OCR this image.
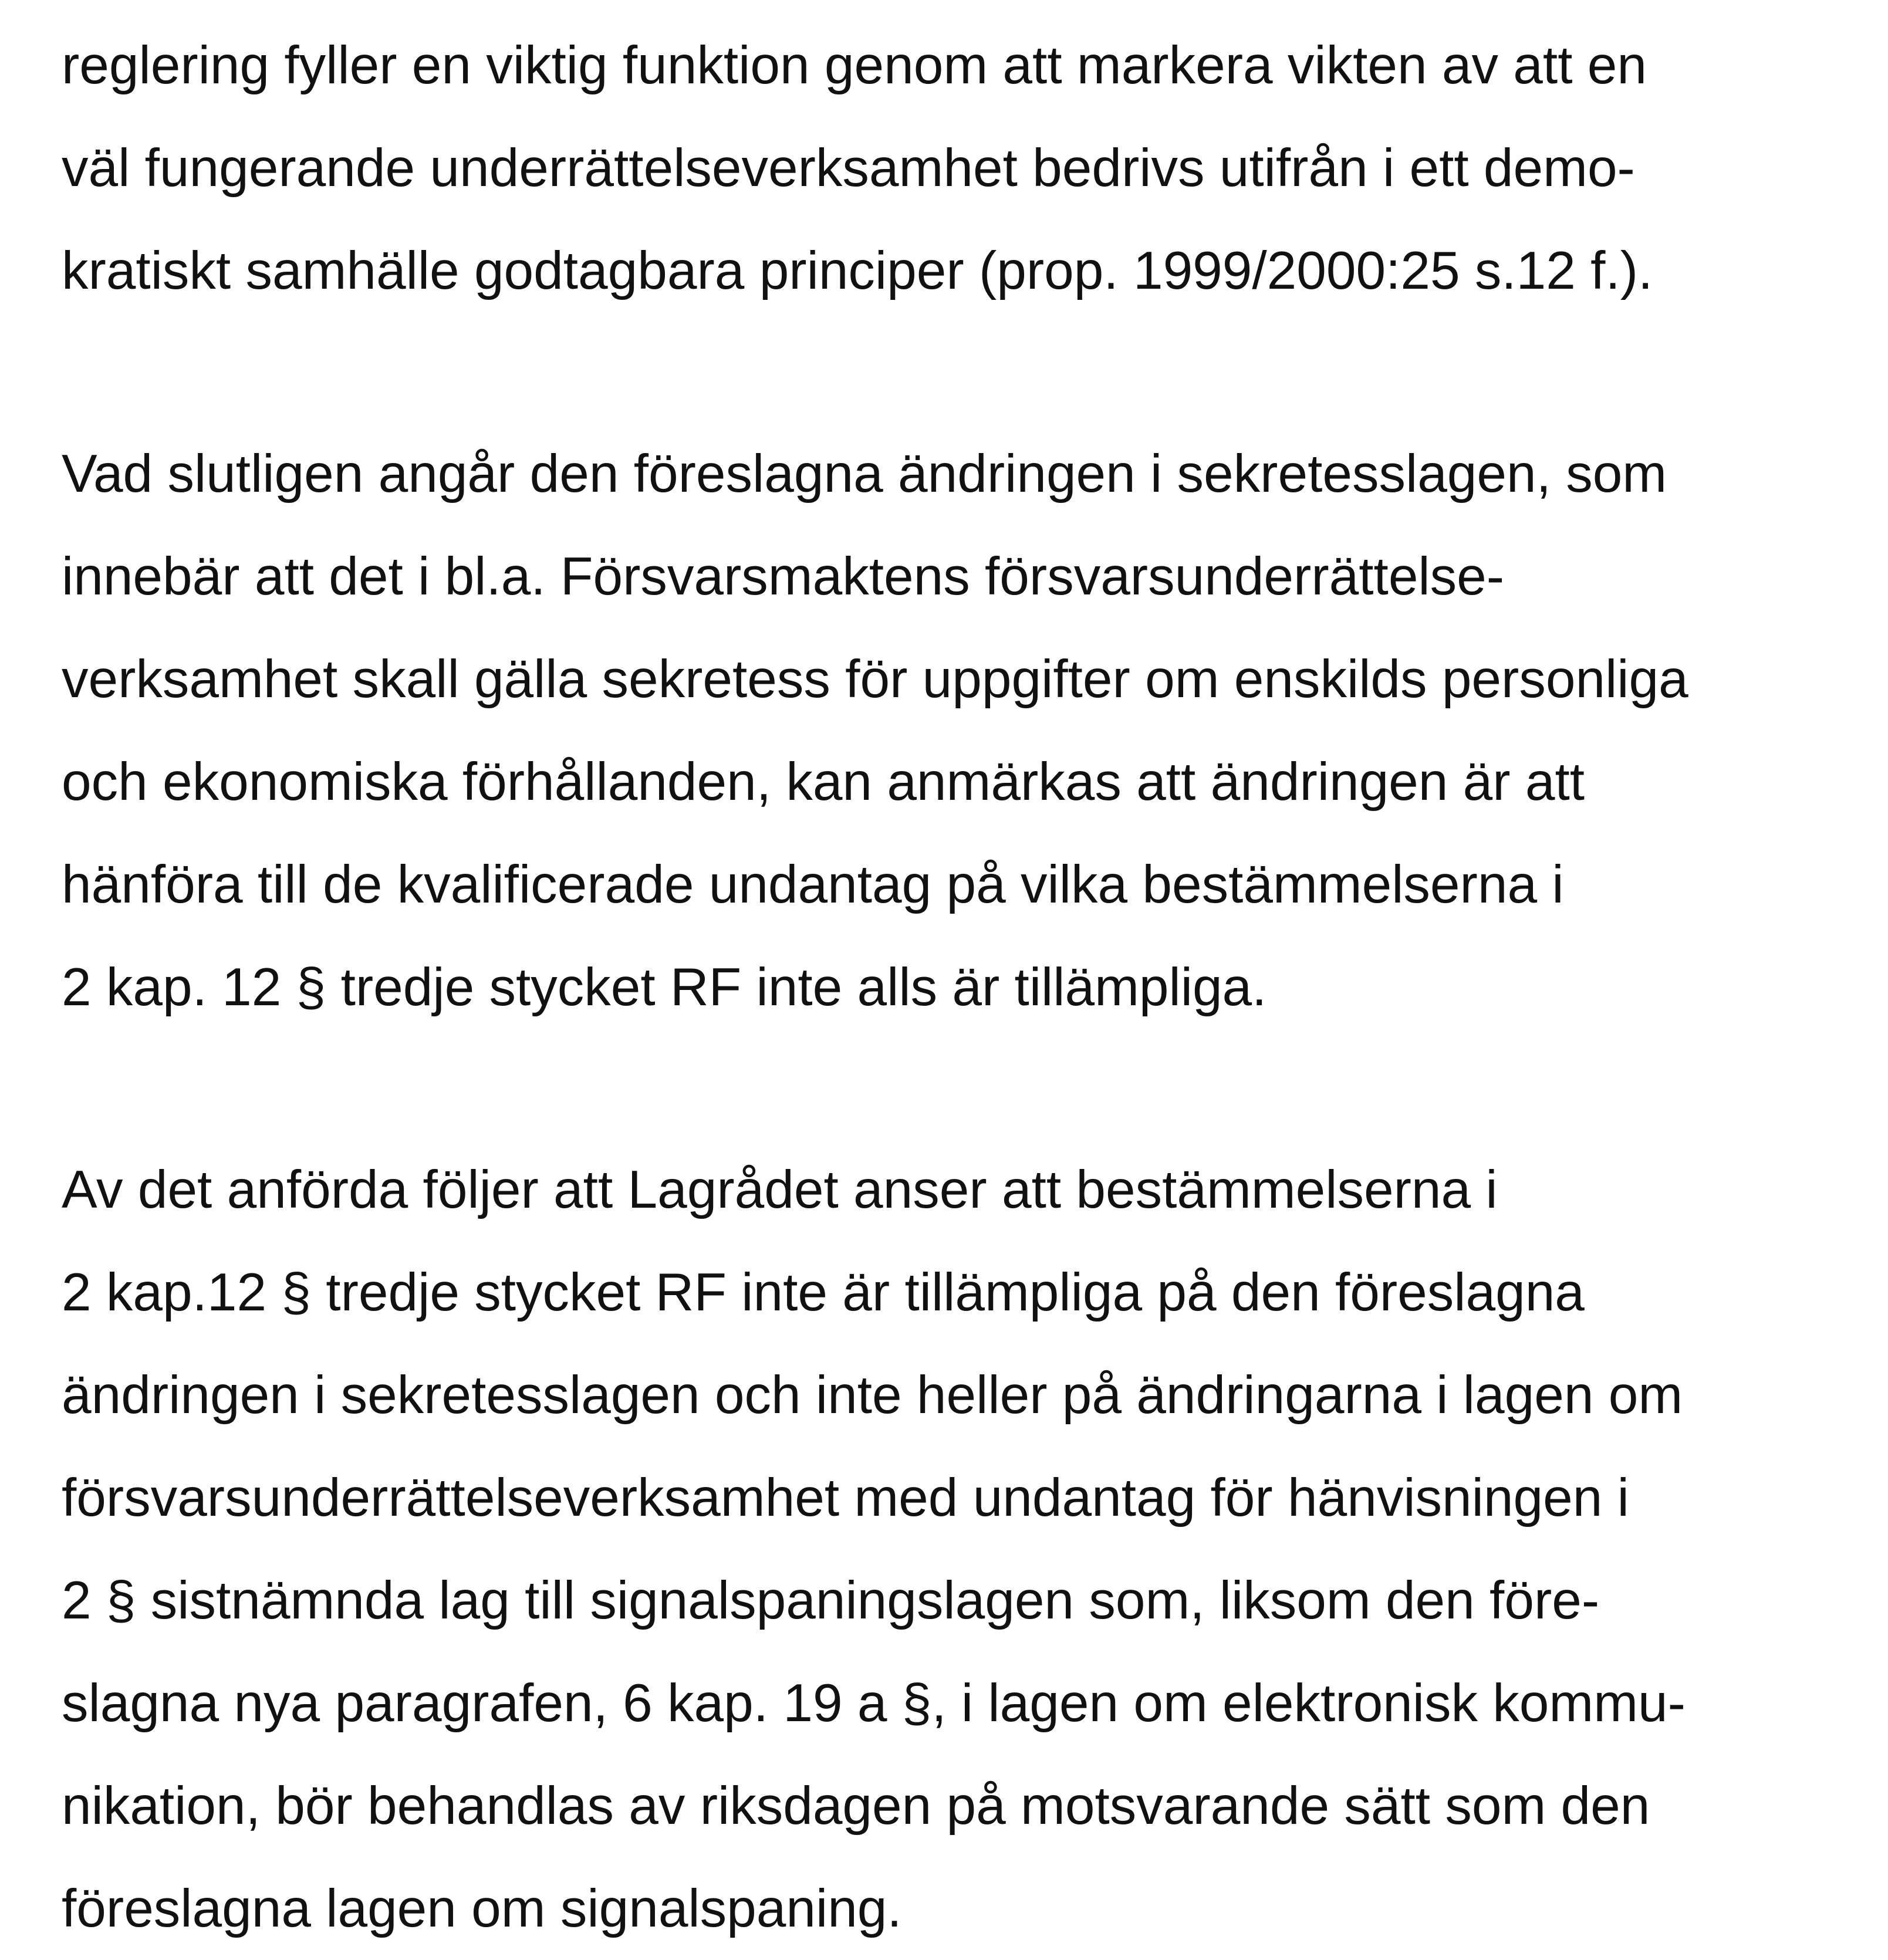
reglering fyller en viktig funktion genom att markera vikten av att en
väl fungerande underrättelseverksamhet bedrivs utifrån i ett demo-
kratiskt samhälle godtagbara principer (prop. 1999/2000:25 s.12 f.).

Vad slutligen angår den föreslagna ändringen i sekretesslagen, som
innebär att det i bl.a. Försvarsmaktens försvarsunderrättelse-
verksamhet skall gälla sekretess för uppgifter om enskilds personliga
och ekonomiska förhållanden, kan anmärkas att ändringen är att
hänföra till de kvalificerade undantag på vilka bestämmelserna i
2 kap. 12 § tredje stycket RF inte alls är tillämpliga.

Av det anförda följer att Lagrådet anser att bestämmelserna i
2 kap.12 § tredje stycket RF inte är tillämpliga på den föreslagna
ändringen i sekretesslagen och inte heller på ändringarna i lagen om
försvarsunderrättelseverksamhet med undantag för hänvisningen i
2 § sistnämnda lag till signalspaningslagen som, liksom den före-
slagna nya paragrafen, 6 kap. 19 a §, i lagen om elektronisk kommu-
nikation, bör behandlas av riksdagen på motsvarande sätt som den
föreslagna lagen om signalspaning.
